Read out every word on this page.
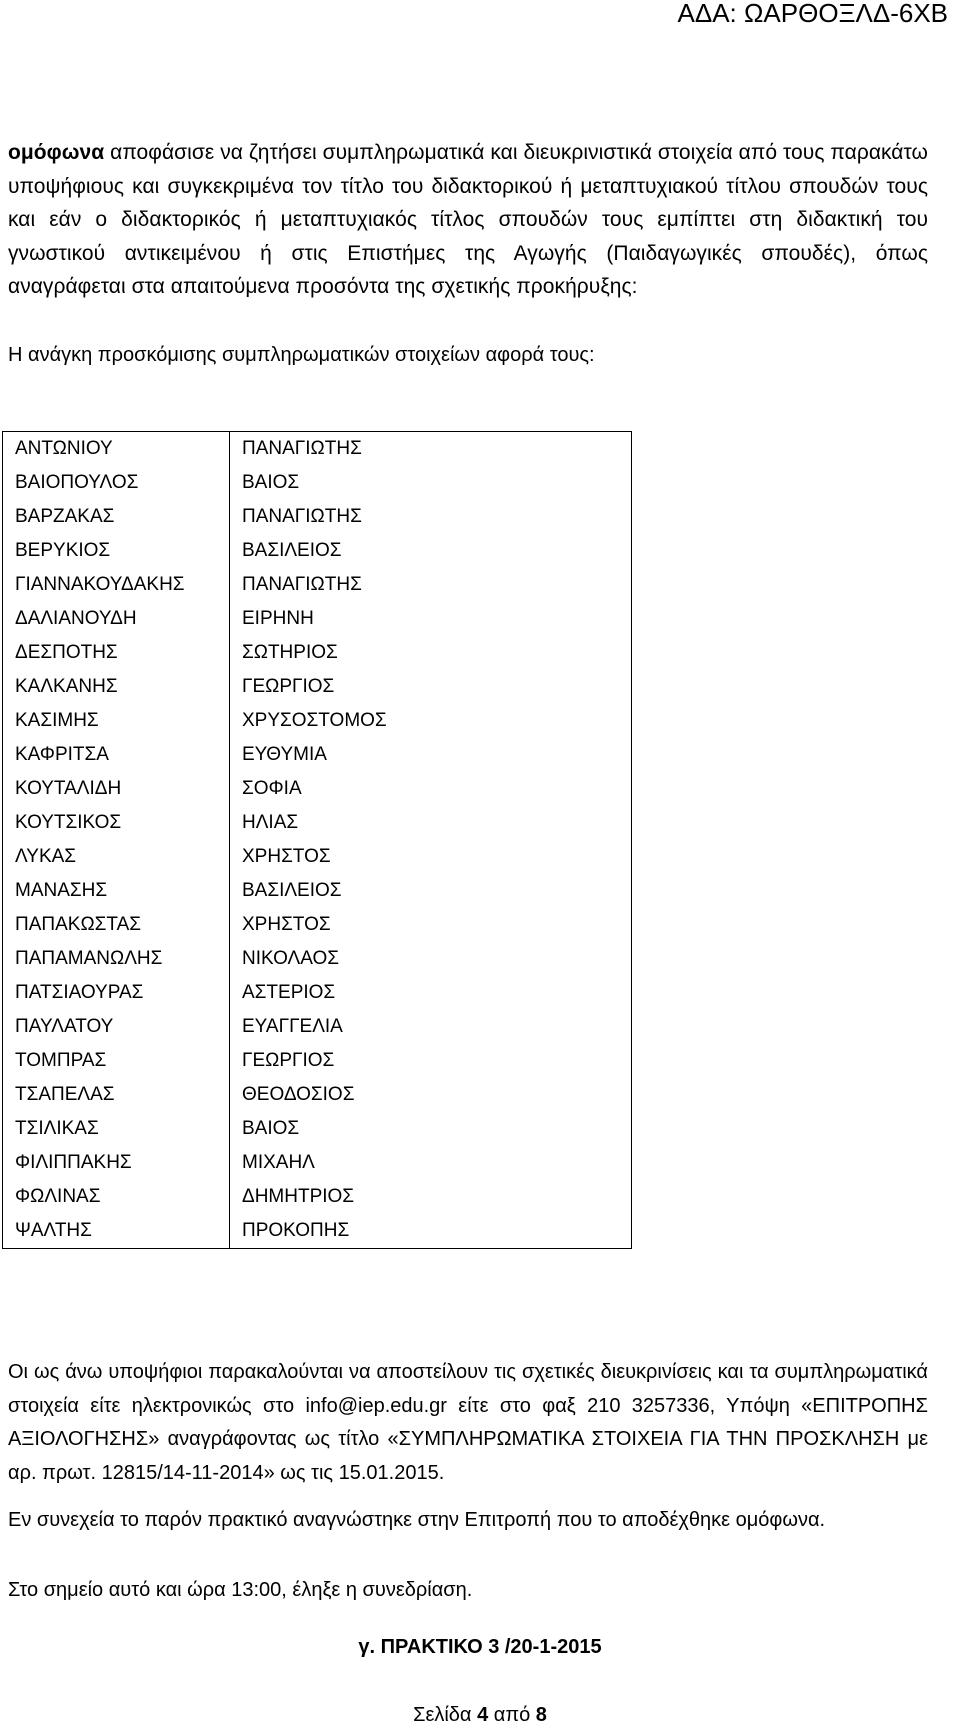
ΑΔΑ: ΩΑΡΘΟΞΛΔ-6ΧΒ
ομόφωνα αποφάσισε να ζητήσει συμπληρωματικά και διευκρινιστικά στοιχεία από τους παρακάτω υποψήφιους και συγκεκριμένα τον τίτλο του διδακτορικού ή μεταπτυχιακού τίτλου σπουδών τους και εάν ο διδακτορικός ή μεταπτυχιακός τίτλος σπουδών τους εμπίπτει στη διδακτική του γνωστικού αντικειμένου ή στις Επιστήμες της Αγωγής (Παιδαγωγικές σπουδές), όπως αναγράφεται στα απαιτούμενα προσόντα της σχετικής προκήρυξης:
Η ανάγκη προσκόμισης συμπληρωματικών στοιχείων αφορά τους:
ΑΝΤΩΝΙΟΥ	ΠΑΝΑΓΙΩΤΗΣ
ΒΑΙΟΠΟΥΛΟΣ	ΒΑΙΟΣ
ΒΑΡΖΑΚΑΣ	ΠΑΝΑΓΙΩΤΗΣ
ΒΕΡΥΚΙΟΣ	ΒΑΣΙΛΕΙΟΣ
ΓΙΑΝΝΑΚΟΥΔΑΚΗΣ	ΠΑΝΑΓΙΩΤΗΣ
ΔΑΛΙΑΝΟΥΔΗ	ΕΙΡΗΝΗ
ΔΕΣΠΟΤΗΣ	ΣΩΤΗΡΙΟΣ
ΚΑΛΚΑΝΗΣ	ΓΕΩΡΓΙΟΣ
ΚΑΣΙΜΗΣ	ΧΡΥΣΟΣΤΟΜΟΣ
ΚΑΦΡΙΤΣΑ	ΕΥΘΥΜΙΑ
ΚΟΥΤΑΛΙΔΗ	ΣΟΦΙΑ
ΚΟΥΤΣΙΚΟΣ	ΗΛΙΑΣ
ΛΥΚΑΣ	ΧΡΗΣΤΟΣ
ΜΑΝΑΣΗΣ	ΒΑΣΙΛΕΙΟΣ
ΠΑΠΑΚΩΣΤΑΣ	ΧΡΗΣΤΟΣ
ΠΑΠΑΜΑΝΩΛΗΣ	ΝΙΚΟΛΑΟΣ
ΠΑΤΣΙΑΟΥΡΑΣ	ΑΣΤΕΡΙΟΣ
ΠΑΥΛΑΤΟΥ	ΕΥΑΓΓΕΛΙΑ
ΤΟΜΠΡΑΣ	ΓΕΩΡΓΙΟΣ
ΤΣΑΠΕΛΑΣ	ΘΕΟΔΟΣΙΟΣ
ΤΣΙΛΙΚΑΣ	ΒΑΙΟΣ
ΦΙΛΙΠΠΑΚΗΣ	ΜΙΧΑΗΛ
ΦΩΛΙΝΑΣ	ΔΗΜΗΤΡΙΟΣ
ΨΑΛΤΗΣ	ΠΡΟΚΟΠΗΣ
Οι ως άνω υποψήφιοι παρακαλούνται να αποστείλουν τις σχετικές διευκρινίσεις και τα συμπληρωματικά στοιχεία είτε ηλεκτρονικώς στο info@iep.edu.gr είτε στο φαξ 210 3257336, Υπόψη «ΕΠΙΤΡΟΠΗΣ ΑΞΙΟΛΟΓΗΣΗΣ» αναγράφοντας ως τίτλο «ΣΥΜΠΛΗΡΩΜΑΤΙΚΑ ΣΤΟΙΧΕΙΑ ΓΙΑ ΤΗΝ ΠΡΟΣΚΛΗΣΗ με αρ. πρωτ. 12815/14-11-2014» ως τις 15.01.2015.
Εν συνεχεία το παρόν πρακτικό αναγνώστηκε στην Επιτροπή που το αποδέχθηκε ομόφωνα.
Στο σημείο αυτό και ώρα 13:00, έληξε η συνεδρίαση.
γ. ΠΡΑΚΤΙΚΟ 3 /20-1-2015
Σελίδα 4 από 8
